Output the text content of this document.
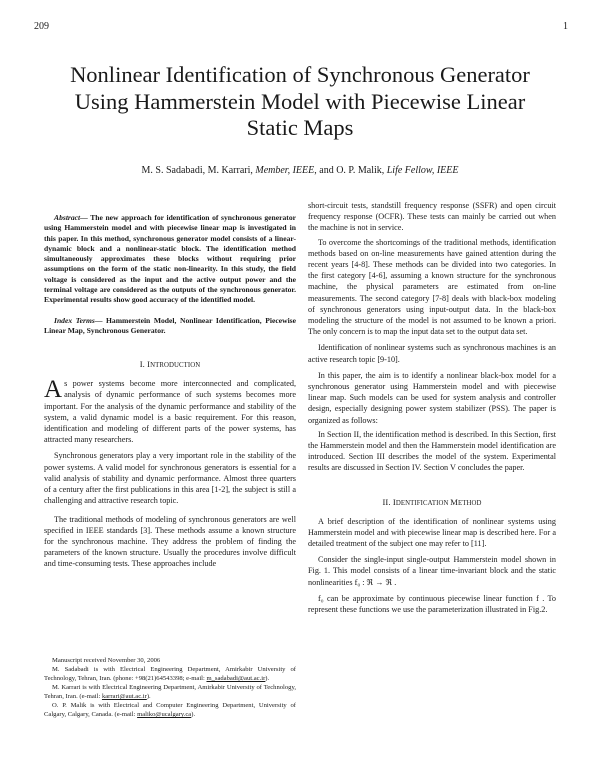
209	1
Nonlinear Identification of Synchronous Generator Using Hammerstein Model with Piecewise Linear Static Maps
M. S. Sadabadi, M. Karrari, Member, IEEE, and O. P. Malik, Life Fellow, IEEE

Abstract— The new approach for identification of synchronous generator using Hammerstein model and with piecewise linear map is investigated in this paper. In this method, synchronous generator model consists of a linear-dynamic block and a nonlinear-static block. The identification method simultaneously approximates these blocks without requiring prior assumptions on the form of the static non-linearity. In this study, the field voltage is considered as the input and the active output power and the terminal voltage are considered as the outputs of the synchronous generator. Experimental results show good accuracy of the identified model.

Index Terms— Hammerstein Model, Nonlinear Identification, Piecewise Linear Map, Synchronous Generator.

I. INTRODUCTION

As power systems become more interconnected and complicated, analysis of dynamic performance of such systems becomes more important. For the analysis of the dynamic performance and stability of the system, a valid dynamic model is a basic requirement. For this reason, identification and modeling of different parts of the power systems, has attracted many researchers.

Synchronous generators play a very important role in the stability of the power systems. A valid model for synchronous generators is essential for a valid analysis of stability and dynamic performance. Almost three quarters of a century after the first publications in this area [1-2], the subject is still a challenging and attractive research topic.

The traditional methods of modeling of synchronous generators are well specified in IEEE standards [3]. These methods assume a known structure for the synchronous machine. They address the problem of finding the parameters of the known structure. Usually the procedures involve difficult and time-consuming tests. These approaches include

short-circuit tests, standstill frequency response (SSFR) and open circuit frequency response (OCFR). These tests can mainly be carried out when the machine is not in service.

To overcome the shortcomings of the traditional methods, identification methods based on on-line measurements have gained attention during the recent years [4-8]. These methods can be divided into two categories. In the first category [4-6], assuming a known structure for the synchronous machine, the physical parameters are estimated from on-line measurements. The second category [7-8] deals with black-box modeling of synchronous generators using input-output data. In the black-box modeling the structure of the model is not assumed to be known a priori. The only concern is to map the input data set to the output data set.

Identification of nonlinear systems such as synchronous machines is an active research topic [9-10].

In this paper, the aim is to identify a nonlinear black-box model for a synchronous generator using Hammerstein model and with piecewise linear map. Such models can be used for system analysis and controller design, especially designing power system stabilizer (PSS). The paper is organized as follows:

In Section II, the identification method is described. In this Section, first the Hammerstein model and then the Hammerstein model identification are introduced. Section III describes the model of the system. Experimental results are discussed in Section IV. Section V concludes the paper.

II. IDENTIFICATION METHOD

A brief description of the identification of nonlinear systems using Hammerstein model and with piecewise linear map is described here. For a detailed treatment of the subject one may refer to [11].

Consider the single-input single-output Hammerstein model shown in Fig. 1. This model consists of a linear time-invariant block and the static nonlinearities f₀ : ℜ → ℜ .

f₀ can be approximate by continuous piecewise linear function f . To represent these functions we use the parameterization illustrated in Fig.2.

Manuscript received November 30, 2006

M. Sadabadi is with Electrical Engineering Department, Amirkabir University of Technology, Tehran, Iran. (phone: +98(21)64543398; e-mail: m_sadabadi@aut.ac.ir).

M. Karrari is with Electrical Engineering Department, Amirkabir University of Technology, Tehran, Iran. (e-mail: karrari@aut.ac.ir).

O. P. Malik is with Electrical and Computer Engineering Department, University of Calgary, Calgary, Canada. (e-mail: maliko@ucalgary.ca).
